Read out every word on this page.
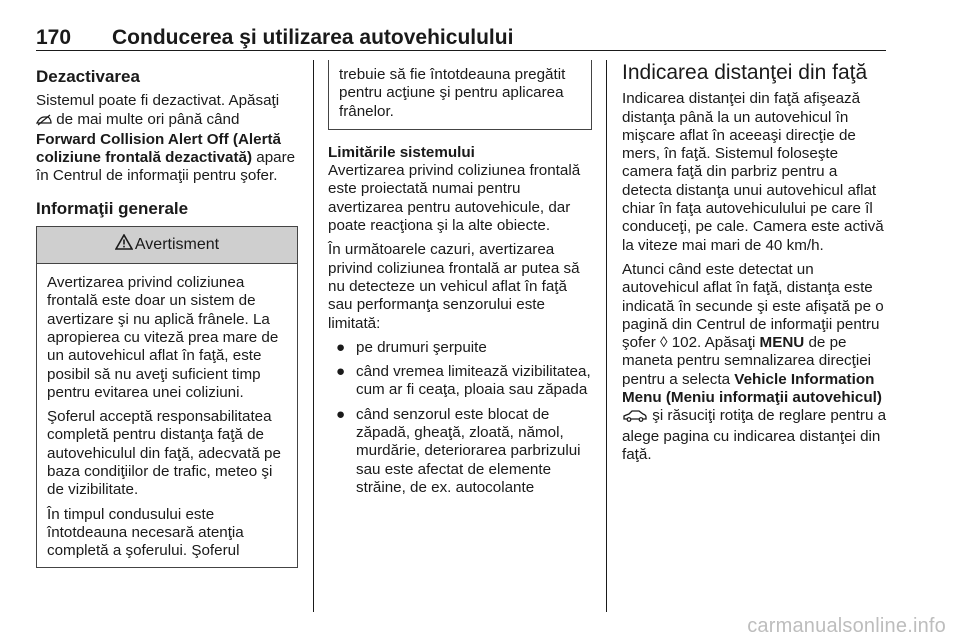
170 Conducerea şi utilizarea autovehiculului
Dezactivarea

Sistemul poate fi dezactivat. Apăsaţi  de mai multe ori până când
Forward Collision Alert Off (Alertă coliziune frontală dezactivată) apare în Centrul de informaţii pentru şofer.

Informaţii generale
Avertisment

Avertizarea privind coliziunea frontală este doar un sistem de avertizare şi nu aplică frânele. La apropierea cu viteză prea mare de un autovehicul aflat în faţă, este posibil să nu aveţi suficient timp pentru evitarea unei coliziuni.

Şoferul acceptă responsabilitatea completă pentru distanţa faţă de autovehiculul din faţă, adecvată pe baza condiţiilor de trafic, meteo şi de vizibilitate.

În timpul condusului este întotdeauna necesară atenţia completă a şoferului. Şoferul

trebuie să fie întotdeauna pregătit pentru acţiune şi pentru aplicarea frânelor.
Limitările sistemului

Avertizarea privind coliziunea frontală este proiectată numai pentru avertizarea pentru autovehicule, dar poate reacţiona şi la alte obiecte.

În următoarele cazuri, avertizarea privind coliziunea frontală ar putea să nu detecteze un vehicul aflat în faţă sau performanţa senzorului este limitată:

● pe drumuri şerpuite
● când vremea limitează vizibilitatea, cum ar fi ceaţa, ploaia sau zăpada
● când senzorul este blocat de zăpadă, gheaţă, zloată, nămol, murdărie, deteriorarea parbrizului sau este afectat de elemente străine, de ex. autocolante
Indicarea distanţei din faţă

Indicarea distanţei din faţă afişează distanţa până la un autovehicul în mişcare aflat în aceeaşi direcţie de mers, în faţă. Sistemul foloseşte camera faţă din parbriz pentru a detecta distanţa unui autovehicul aflat chiar în faţa autovehiculului pe care îl conduceţi, pe cale. Camera este activă la viteze mai mari de 40 km/h.

Atunci când este detectat un autovehicul aflat în faţă, distanţa este indicată în secunde şi este afişată pe o pagină din Centrul de informaţii pentru şofer ◊ 102. Apăsaţi MENU de pe maneta pentru semnalizarea direcţiei pentru a selecta Vehicle Information Menu (Meniu informaţii autovehicul)  şi răsuciţi rotiţa de reglare pentru a alege pagina cu indicarea distanţei din faţă.

carmanualsonline.info
